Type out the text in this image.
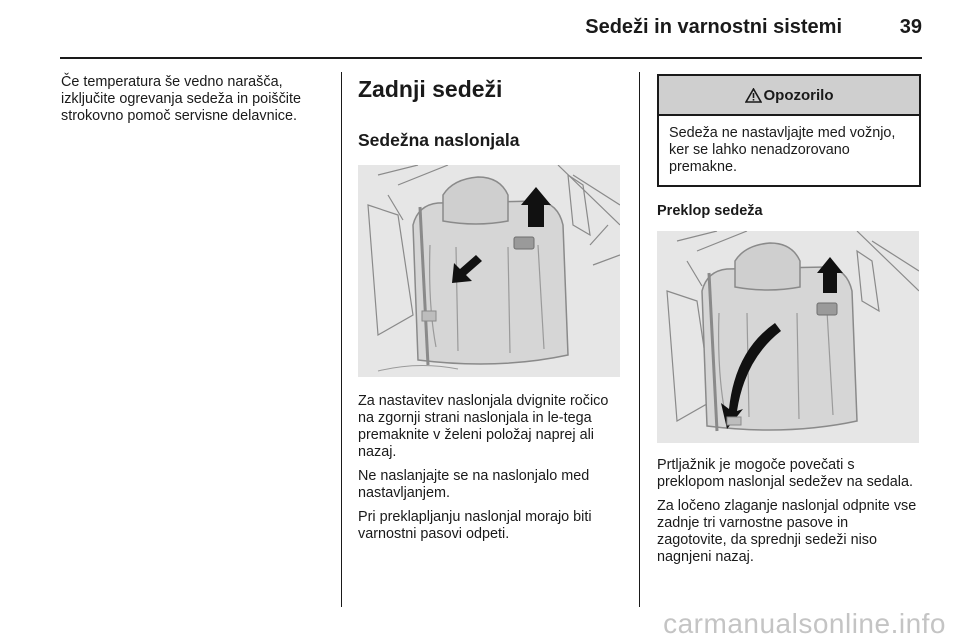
Sedeži in varnostni sistemi	39
Če temperatura še vedno narašča, izklјučite ogrevanja sedeža in poiščite strokovno pomoč servisne delavnice.
Zadnji sedeži
Sedežna naslonjala
Za nastavitev naslonjala dvignite ročico na zgornji strani naslonjala in le-tega premaknite v želeni položaj naprej ali nazaj.
Ne naslanjajte se na naslonjalo med nastavljanjem.
Pri preklapljanju naslonjal morajo biti varnostni pasovi odpeti.
Opozorilo
Sedeža ne nastavljajte med vožnjo, ker se lahko nenadzorovano premakne.
Preklop sedeža
Prtljažnik je mogoče povečati s preklopom naslonjal sedežev na sedala.
Za ločeno zlaganje naslonjal odpnite vse zadnje tri varnostne pasove in zagotovite, da sprednji sedeži niso nagnjeni nazaj.
carmanualsonline.info
